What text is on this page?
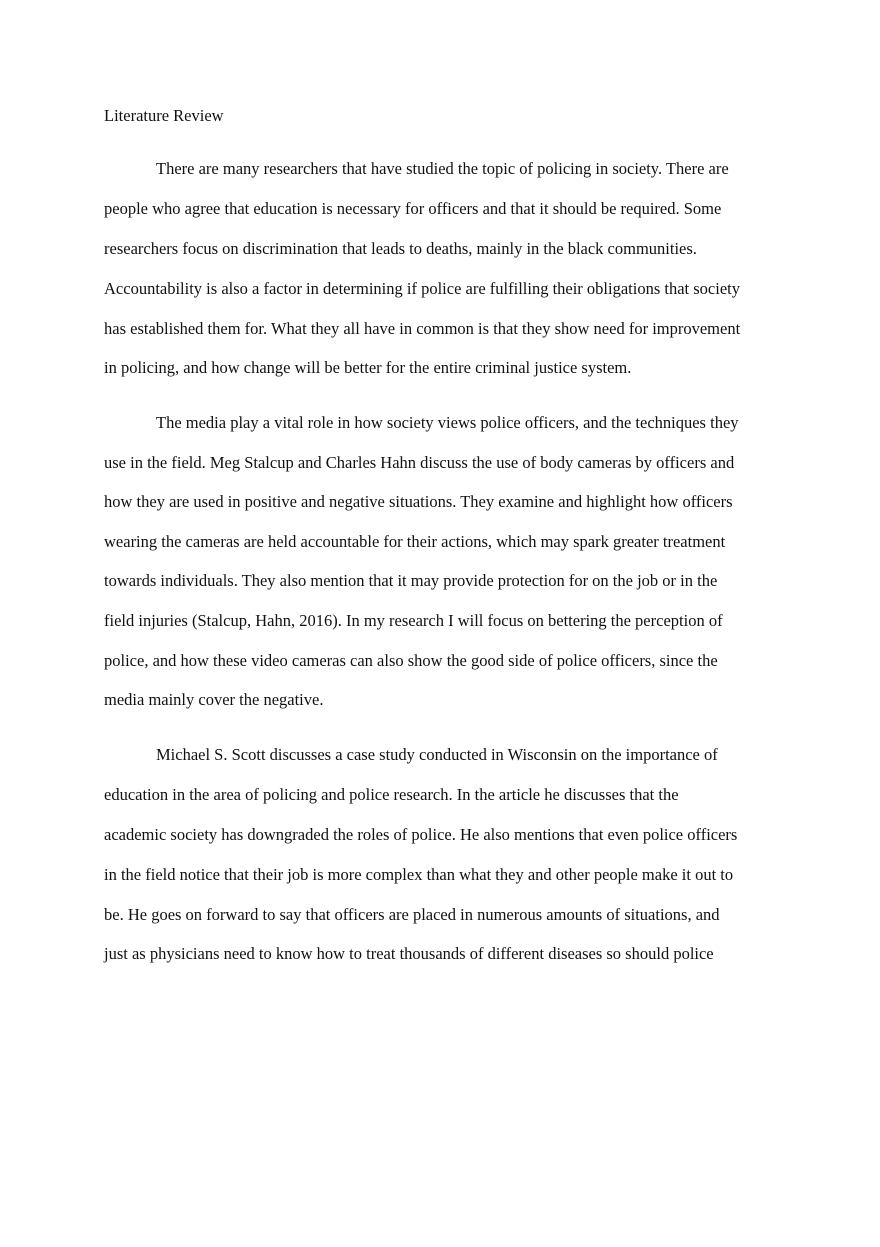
Literature Review
There are many researchers that have studied the topic of policing in society. There are
people who agree that education is necessary for officers and that it should be required. Some
researchers focus on discrimination that leads to deaths, mainly in the black communities.
Accountability is also a factor in determining if police are fulfilling their obligations that society
has established them for. What they all have in common is that they show need for improvement
in policing, and how change will be better for the entire criminal justice system.
The media play a vital role in how society views police officers, and the techniques they
use in the field. Meg Stalcup and Charles Hahn discuss the use of body cameras by officers and
how they are used in positive and negative situations. They examine and highlight how officers
wearing the cameras are held accountable for their actions, which may spark greater treatment
towards individuals. They also mention that it may provide protection for on the job or in the
field injuries (Stalcup, Hahn, 2016). In my research I will focus on bettering the perception of
police, and how these video cameras can also show the good side of police officers, since the
media mainly cover the negative.
Michael S. Scott discusses a case study conducted in Wisconsin on the importance of
education in the area of policing and police research. In the article he discusses that the
academic society has downgraded the roles of police. He also mentions that even police officers
in the field notice that their job is more complex than what they and other people make it out to
be. He goes on forward to say that officers are placed in numerous amounts of situations, and
just as physicians need to know how to treat thousands of different diseases so should police
